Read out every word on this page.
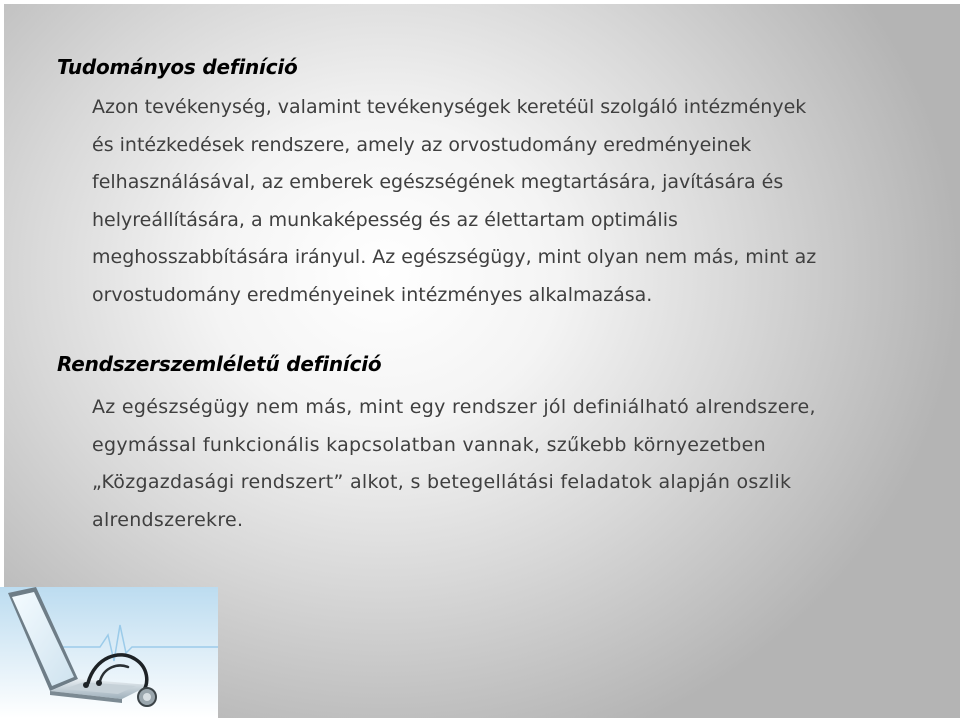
Tudományos definíció
Azon tevékenység, valamint tevékenységek keretéül szolgáló intézmények
és intézkedések rendszere, amely az orvostudomány eredményeinek
felhasználásával, az emberek egészségének megtartására, javítására és
helyreállítására, a munkaképesség és az élettartam optimális
meghosszabbítására irányul. Az egészségügy, mint olyan nem más, mint az
orvostudomány eredményeinek intézményes alkalmazása.
Rendszerszemléletű definíció
Az egészségügy nem más, mint egy rendszer jól definiálható alrendszere,
egymással funkcionális kapcsolatban vannak, szűkebb környezetben
„Közgazdasági rendszert” alkot, s betegellátási feladatok alapján oszlik
alrendszerekre.
